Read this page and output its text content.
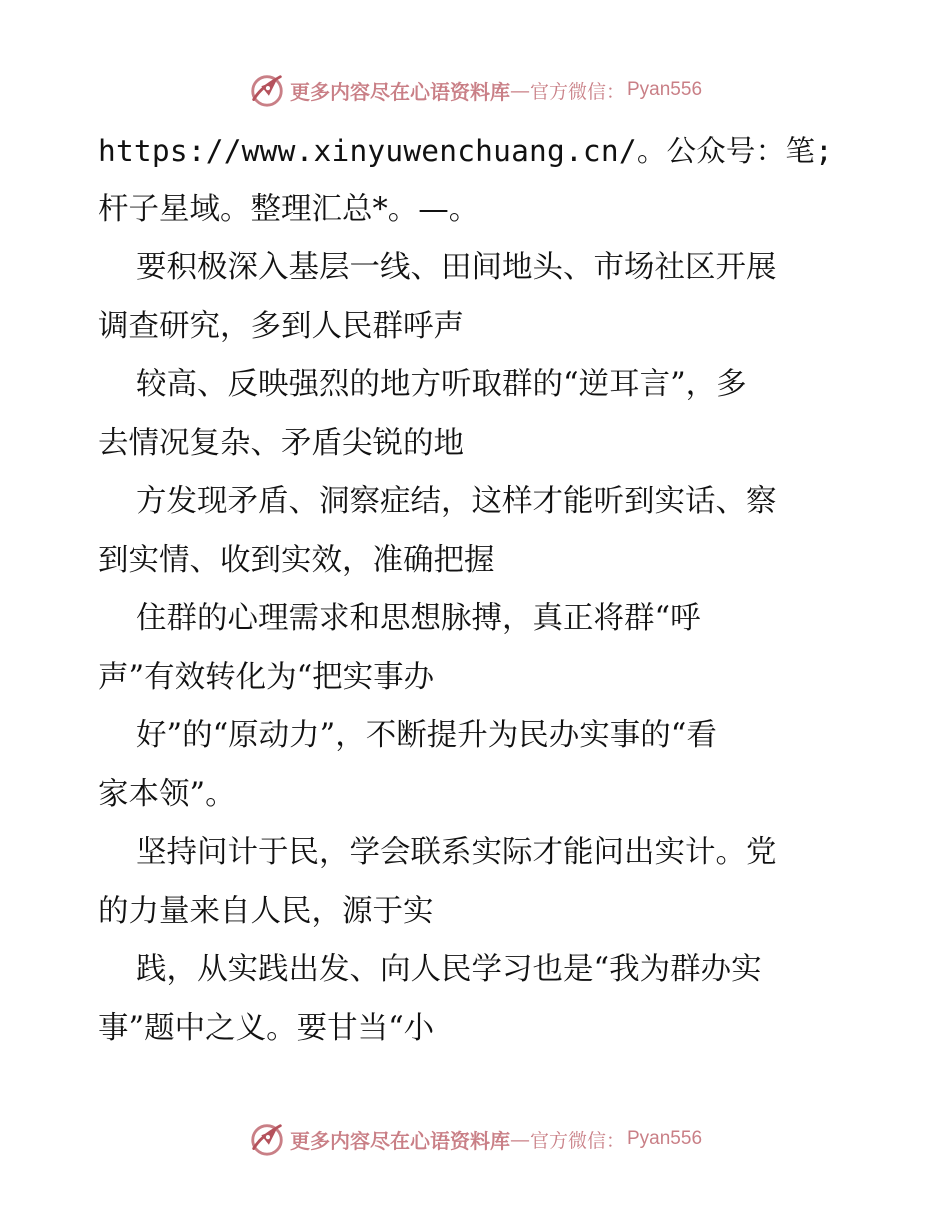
更多内容尽在心语资料库 — 官方微信： Pyan556
https://www.xinyuwenchuang.cn/。公众号：笔;
杆子星域。整理汇总*。—。
要积极深入基层一线、田间地头、市场社区开展
调查研究，多到人民群呼声
较高、反映强烈的地方听取群的“逆耳言”，多
去情况复杂、矛盾尖锐的地
方发现矛盾、洞察症结，这样才能听到实话、察
到实情、收到实效，准确把握
住群的心理需求和思想脉搏，真正将群“呼
声”有效转化为“把实事办
好”的“原动力”，不断提升为民办实事的“看
家本领”。
坚持问计于民，学会联系实际才能问出实计。党
的力量来自人民，源于实
践，从实践出发、向人民学习也是“我为群办实
事”题中之义。要甘当“小
更多内容尽在心语资料库 — 官方微信： Pyan556
